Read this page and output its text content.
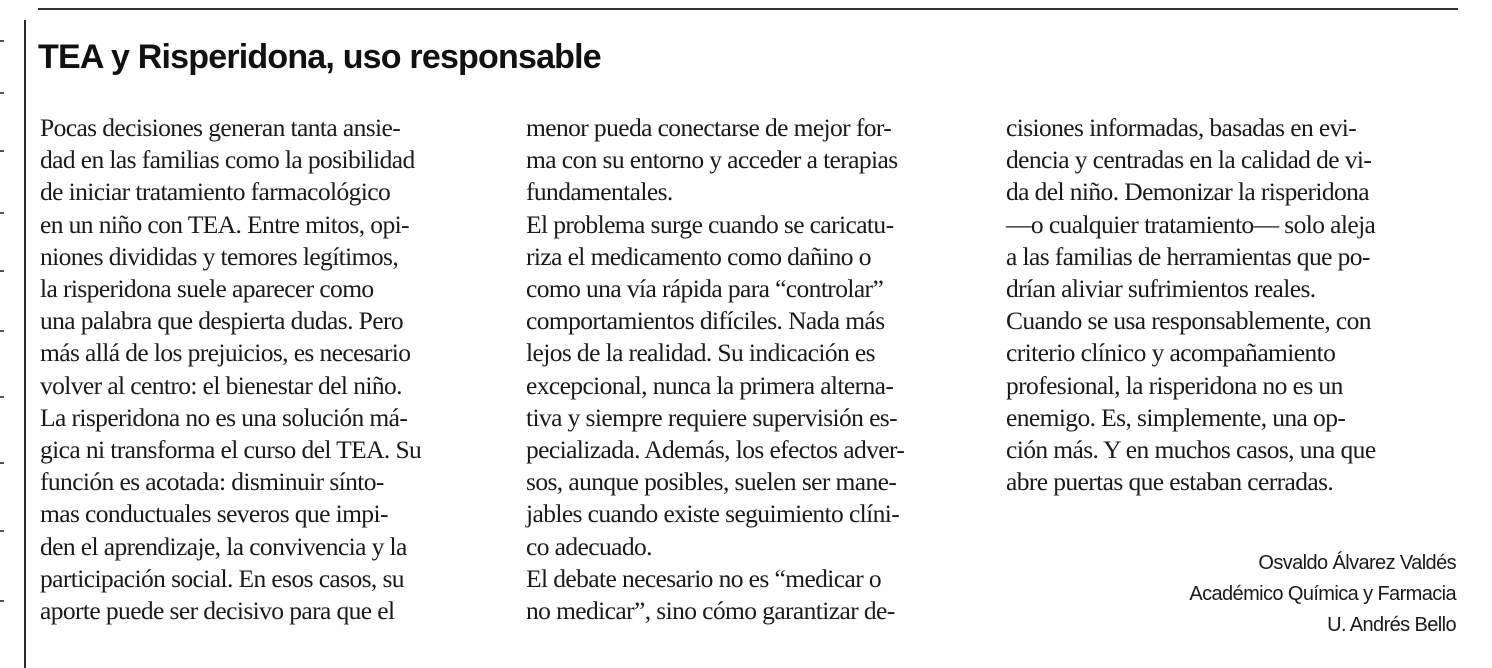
TEA y Risperidona, uso responsable
Pocas decisiones generan tanta ansie-
dad en las familias como la posibilidad
de iniciar tratamiento farmacológico
en un niño con TEA. Entre mitos, opi-
niones divididas y temores legítimos,
la risperidona suele aparecer como
una palabra que despierta dudas. Pero
más allá de los prejuicios, es necesario
volver al centro: el bienestar del niño.
La risperidona no es una solución má-
gica ni transforma el curso del TEA. Su
función es acotada: disminuir sínto-
mas conductuales severos que impi-
den el aprendizaje, la convivencia y la
participación social. En esos casos, su
aporte puede ser decisivo para que el
menor pueda conectarse de mejor for-
ma con su entorno y acceder a terapias
fundamentales.
El problema surge cuando se caricatu-
riza el medicamento como dañino o
como una vía rápida para “controlar”
comportamientos difíciles. Nada más
lejos de la realidad. Su indicación es
excepcional, nunca la primera alterna-
tiva y siempre requiere supervisión es-
pecializada. Además, los efectos adver-
sos, aunque posibles, suelen ser mane-
jables cuando existe seguimiento clíni-
co adecuado.
El debate necesario no es “medicar o
no medicar”, sino cómo garantizar de-
cisiones informadas, basadas en evi-
dencia y centradas en la calidad de vi-
da del niño. Demonizar la risperidona
—o cualquier tratamiento— solo aleja
a las familias de herramientas que po-
drían aliviar sufrimientos reales.
Cuando se usa responsablemente, con
criterio clínico y acompañamiento
profesional, la risperidona no es un
enemigo. Es, simplemente, una op-
ción más. Y en muchos casos, una que
abre puertas que estaban cerradas.
Osvaldo Álvarez Valdés
Académico Química y Farmacia
U. Andrés Bello
